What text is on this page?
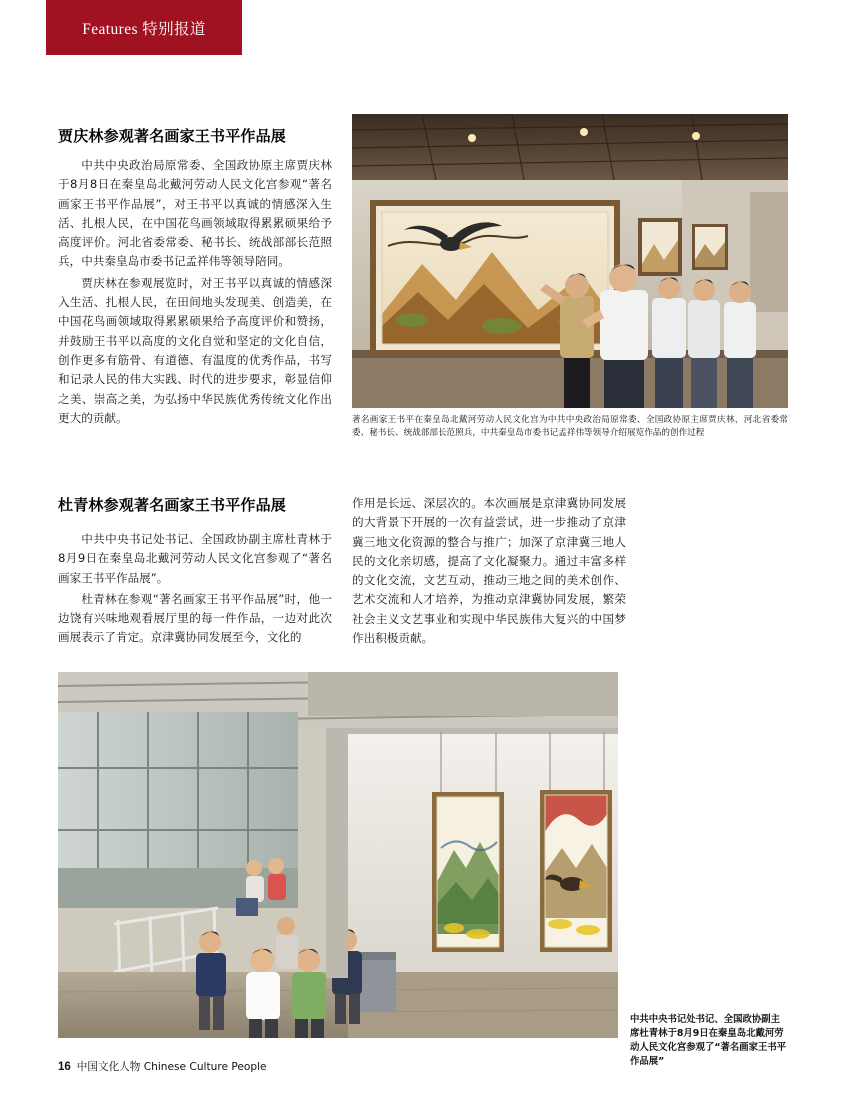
Features 特别报道
贾庆林参观著名画家王书平作品展

中共中央政治局原常委、全国政协原主席贾庆林于8月8日在秦皇岛北戴河劳动人民文化宫参观“著名画家王书平作品展”，对王书平以真诚的情感深入生活、扎根人民，在中国花鸟画领域取得累累硕果给予高度评价。河北省委常委、秘书长、统战部部长范照兵，中共秦皇岛市委书记孟祥伟等领导陪同。

贾庆林在参观展览时，对王书平以真诚的情感深入生活、扎根人民，在田间地头发现美、创造美，在中国花鸟画领域取得累累硕果给予高度评价和赞扬，并鼓励王书平以高度的文化自觉和坚定的文化自信，创作更多有筋骨、有道德、有温度的优秀作品，书写和记录人民的伟大实践、时代的进步要求，彰显信仰之美、崇高之美，为弘扬中华民族优秀传统文化作出更大的贡献。	著名画家王书平在秦皇岛北戴河劳动人民文化宫为中共中央政治局原常委、全国政协原主席贾庆林，河北省委常委、秘书长、统战部部长范照兵，中共秦皇岛市委书记孟祥伟等领导介绍展览作品的创作过程
杜青林参观著名画家王书平作品展

中共中央书记处书记、全国政协副主席杜青林于8月9日在秦皇岛北戴河劳动人民文化宫参观了“著名画家王书平作品展”。

杜青林在参观“著名画家王书平作品展”时，他一边饶有兴味地观看展厅里的每一件作品，一边对此次画展表示了肯定。京津冀协同发展至今，文化的

作用是长远、深层次的。本次画展是京津冀协同发展的大背景下开展的一次有益尝试，进一步推动了京津冀三地文化资源的整合与推广；加深了京津冀三地人民的文化亲切感，提高了文化凝聚力。通过丰富多样的文化交流，文艺互动，推动三地之间的美术创作、艺术交流和人才培养，为推动京津冀协同发展，繁荣社会主义文艺事业和实现中华民族伟大复兴的中国梦作出积极贡献。

中共中央书记处书记、全国政协副主席杜青林于8月9日在秦皇岛北戴河劳动人民文化宫参观了“著名画家王书平作品展”
16 中国文化人物 Chinese Culture People
